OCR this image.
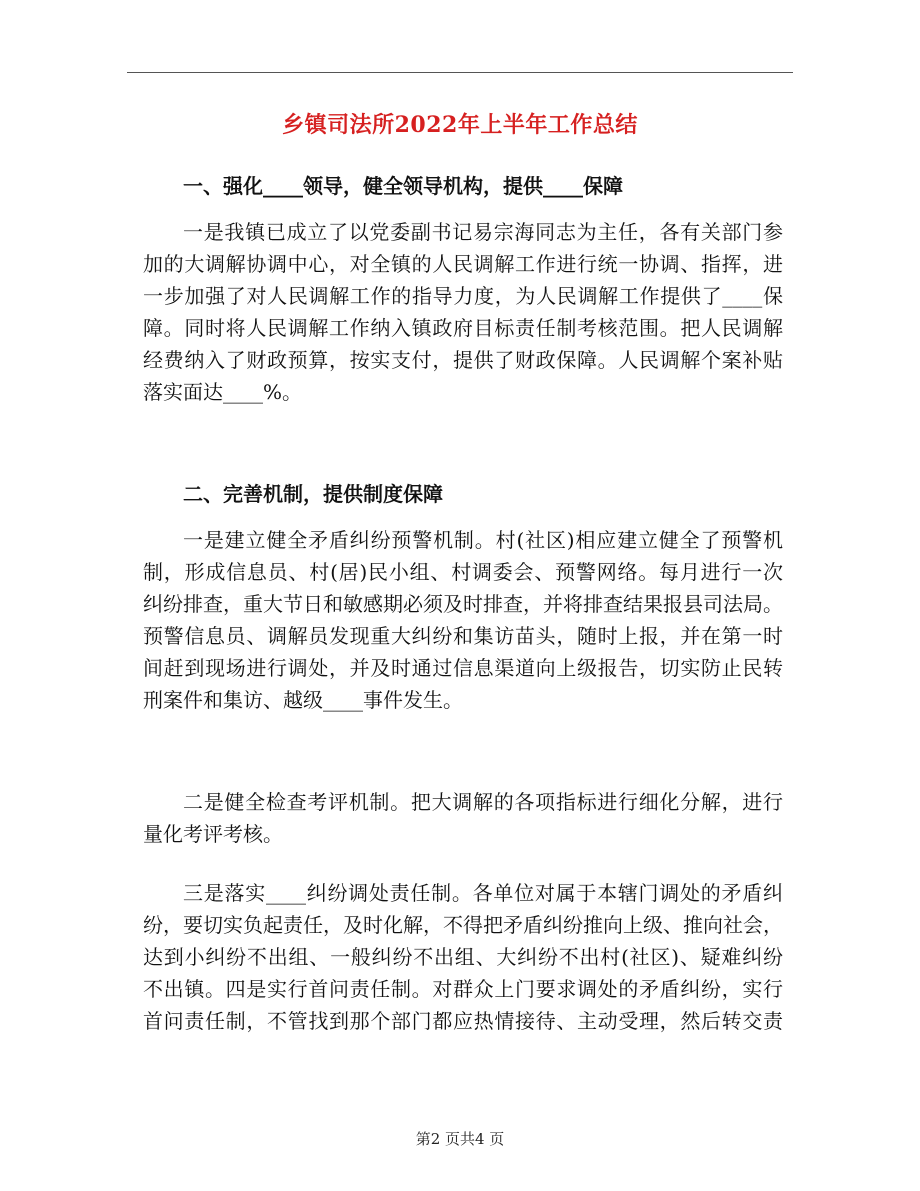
乡镇司法所2022年上半年工作总结
一、强化____领导，健全领导机构，提供____保障
一是我镇已成立了以党委副书记易宗海同志为主任，各有关部门参
加的大调解协调中心，对全镇的人民调解工作进行统一协调、指挥，进
一步加强了对人民调解工作的指导力度，为人民调解工作提供了____保
障。同时将人民调解工作纳入镇政府目标责任制考核范围。把人民调解
经费纳入了财政预算，按实支付，提供了财政保障。人民调解个案补贴
落实面达____%。
二、完善机制，提供制度保障
一是建立健全矛盾纠纷预警机制。村(社区)相应建立健全了预警机
制，形成信息员、村(居)民小组、村调委会、预警网络。每月进行一次
纠纷排查，重大节日和敏感期必须及时排查，并将排查结果报县司法局。
预警信息员、调解员发现重大纠纷和集访苗头，随时上报，并在第一时
间赶到现场进行调处，并及时通过信息渠道向上级报告，切实防止民转
刑案件和集访、越级____事件发生。
二是健全检查考评机制。把大调解的各项指标进行细化分解，进行
量化考评考核。
三是落实____纠纷调处责任制。各单位对属于本辖门调处的矛盾纠
纷，要切实负起责任，及时化解，不得把矛盾纠纷推向上级、推向社会，
达到小纠纷不出组、一般纠纷不出组、大纠纷不出村(社区)、疑难纠纷
不出镇。四是实行首问责任制。对群众上门要求调处的矛盾纠纷，实行
首问责任制，不管找到那个部门都应热情接待、主动受理，然后转交责
第2 页共4 页
